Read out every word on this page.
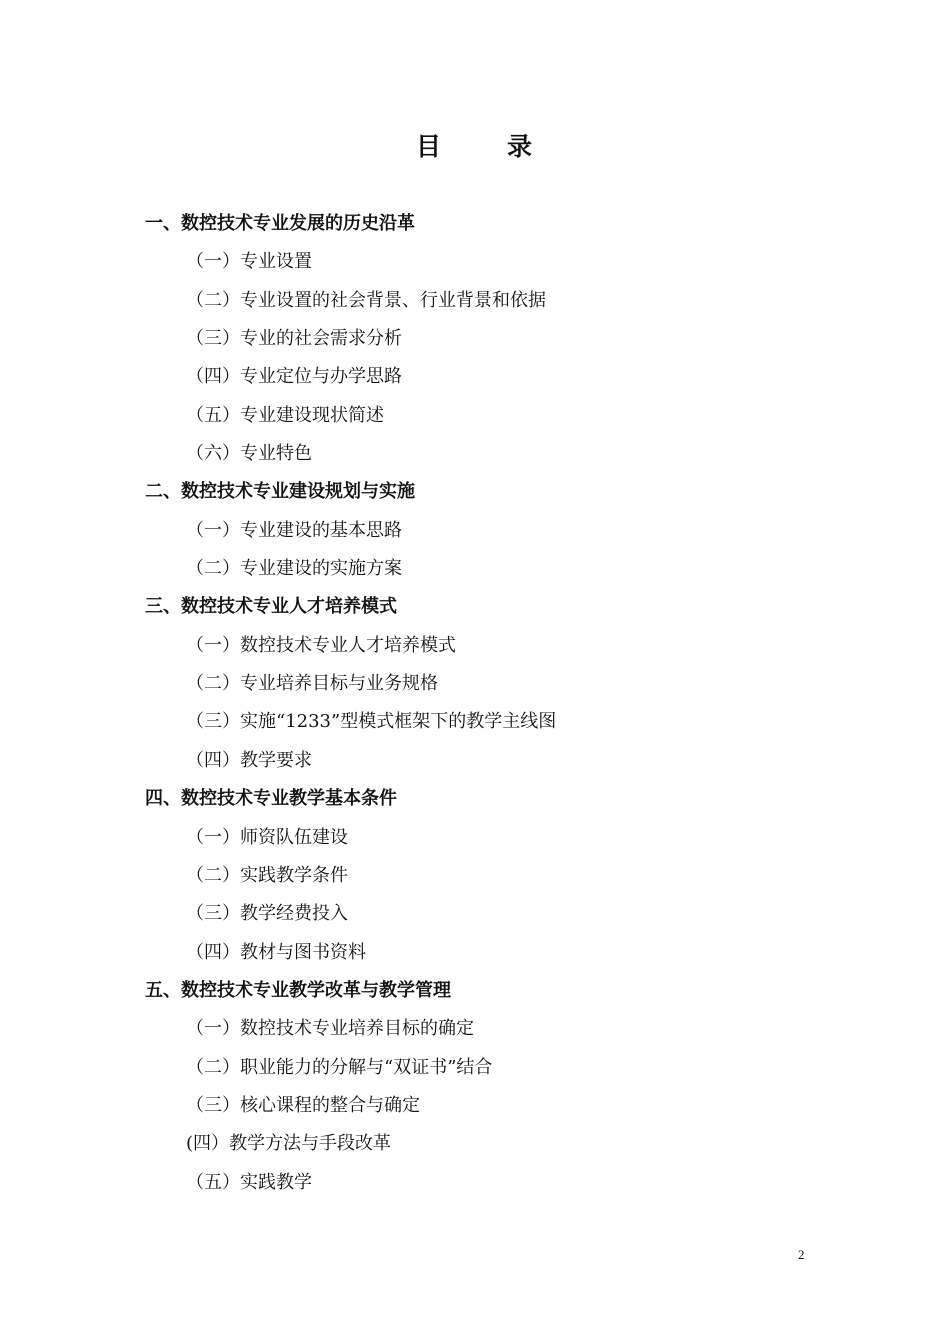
目	录
一、数控技术专业发展的历史沿革
（一）专业设置
（二）专业设置的社会背景、行业背景和依据
（三）专业的社会需求分析
（四）专业定位与办学思路
（五）专业建设现状简述
（六）专业特色
二、数控技术专业建设规划与实施
（一）专业建设的基本思路
（二）专业建设的实施方案
三、数控技术专业人才培养模式
（一）数控技术专业人才培养模式
（二）专业培养目标与业务规格
（三）实施“1233”型模式框架下的教学主线图
（四）教学要求
四、数控技术专业教学基本条件
（一）师资队伍建设
（二）实践教学条件
（三）教学经费投入
（四）教材与图书资料
五、数控技术专业教学改革与教学管理
（一）数控技术专业培养目标的确定
（二）职业能力的分解与“双证书”结合
（三）核心课程的整合与确定
(四）教学方法与手段改革
（五）实践教学
2
